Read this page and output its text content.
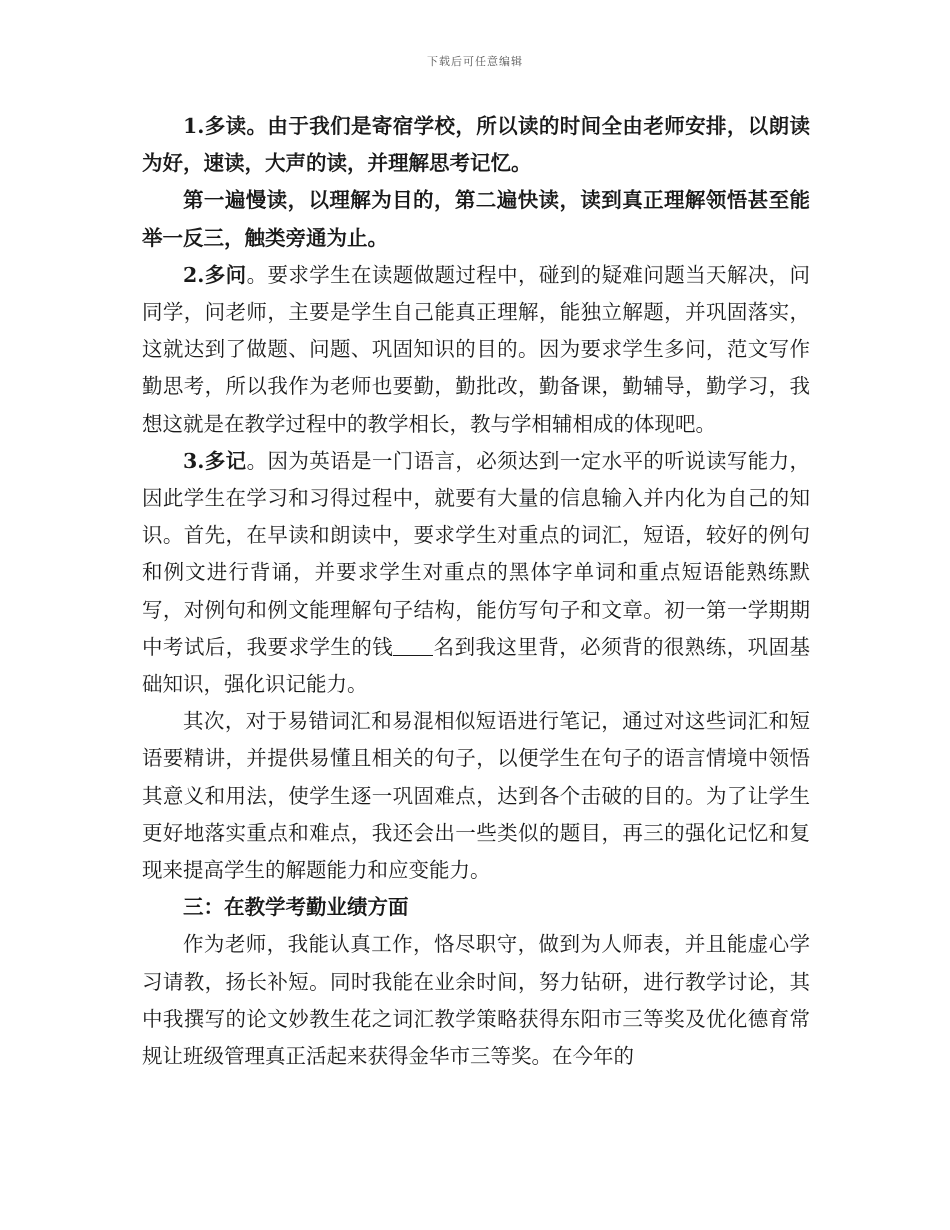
下载后可任意编辑

1.多读。由于我们是寄宿学校，所以读的时间全由老师安排，以朗读为好，速读，大声的读，并理解思考记忆。

第一遍慢读，以理解为目的，第二遍快读，读到真正理解领悟甚至能举一反三，触类旁通为止。

2.多问。要求学生在读题做题过程中，碰到的疑难问题当天解决，问同学，问老师，主要是学生自己能真正理解，能独立解题，并巩固落实，这就达到了做题、问题、巩固知识的目的。因为要求学生多问，范文写作勤思考，所以我作为老师也要勤，勤批改，勤备课，勤辅导，勤学习，我想这就是在教学过程中的教学相长，教与学相辅相成的体现吧。

3.多记。因为英语是一门语言，必须达到一定水平的听说读写能力，因此学生在学习和习得过程中，就要有大量的信息输入并内化为自己的知识。首先，在早读和朗读中，要求学生对重点的词汇，短语，较好的例句和例文进行背诵，并要求学生对重点的黑体字单词和重点短语能熟练默写，对例句和例文能理解句子结构，能仿写句子和文章。初一第一学期期中考试后，我要求学生的钱 名到我这里背，必须背的很熟练，巩固基础知识，强化识记能力。

其次，对于易错词汇和易混相似短语进行笔记，通过对这些词汇和短语要精讲，并提供易懂且相关的句子，以便学生在句子的语言情境中领悟其意义和用法，使学生逐一巩固难点，达到各个击破的目的。为了让学生更好地落实重点和难点，我还会出一些类似的题目，再三的强化记忆和复现来提高学生的解题能力和应变能力。

三：在教学考勤业绩方面

作为老师，我能认真工作，恪尽职守，做到为人师表，并且能虚心学习请教，扬长补短。同时我能在业余时间，努力钻研，进行教学讨论，其中我撰写的论文妙教生花之词汇教学策略获得东阳市三等奖及优化德育常规让班级管理真正活起来获得金华市三等奖。在今年的
